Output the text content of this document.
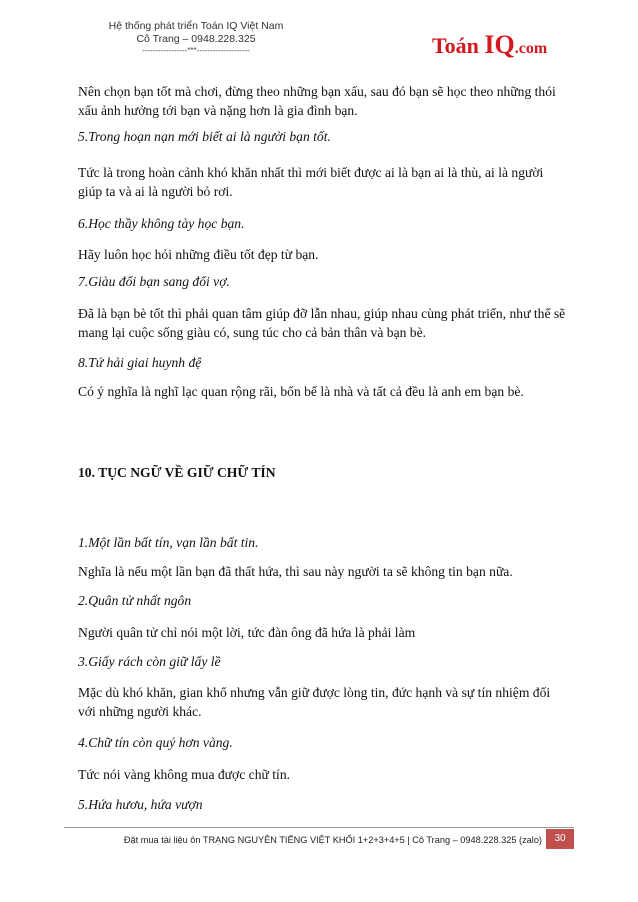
Hệ thống phát triển Toán IQ Việt Nam
Cô Trang – 0948.228.325
-----------------***--------------------	Toán IQ.com

Nên chọn bạn tốt mà chơi, đừng theo những bạn xấu, sau đó bạn sẽ học theo những thói xấu ảnh hưởng tới bạn và nặng hơn là gia đình bạn.

5.Trong hoạn nạn mới biết ai là người bạn tốt.

Tức là trong hoàn cảnh khó khăn nhất thì mới biết được ai là bạn ai là thù, ai là người giúp ta và ai là người bỏ rơi.

6.Học thầy không tày học bạn.

Hãy luôn học hỏi những điều tốt đẹp từ bạn.

7.Giàu đổi bạn sang đổi vợ.

Đã là bạn bè tốt thì phải quan tâm giúp đỡ lẫn nhau, giúp nhau cùng phát triển, như thế sẽ mang lại cuộc sống giàu có, sung túc cho cả bản thân và bạn bè.

8.Tứ hải giai huynh đệ

Có ý nghĩa là nghĩ lạc quan rộng rãi, bốn bể là nhà và tất cả đều là anh em bạn bè.

10. TỤC NGỮ VỀ GIỮ CHỮ TÍN

1.Một lần bất tín, vạn lần bất tin.

Nghĩa là nếu một lần bạn đã thất hứa, thì sau này người ta sẽ không tin bạn nữa.

2.Quân tử nhất ngôn

Người quân tử chỉ nói một lời, tức đàn ông đã hứa là phải làm

3.Giấy rách còn giữ lấy lề

Mặc dù khó khăn, gian khổ nhưng vẫn giữ được lòng tin, đức hạnh và sự tín nhiệm đối với những người khác.

4.Chữ tín còn quý hơn vàng.

Tức nói vàng không mua được chữ tín.

5.Hứa hươu, hứa vượn

Đặt mua tài liệu ôn TRẠNG NGUYÊN TIẾNG VIỆT KHỐI 1+2+3+4+5 | Cô Trang – 0948.228.325 (zalo)	30
